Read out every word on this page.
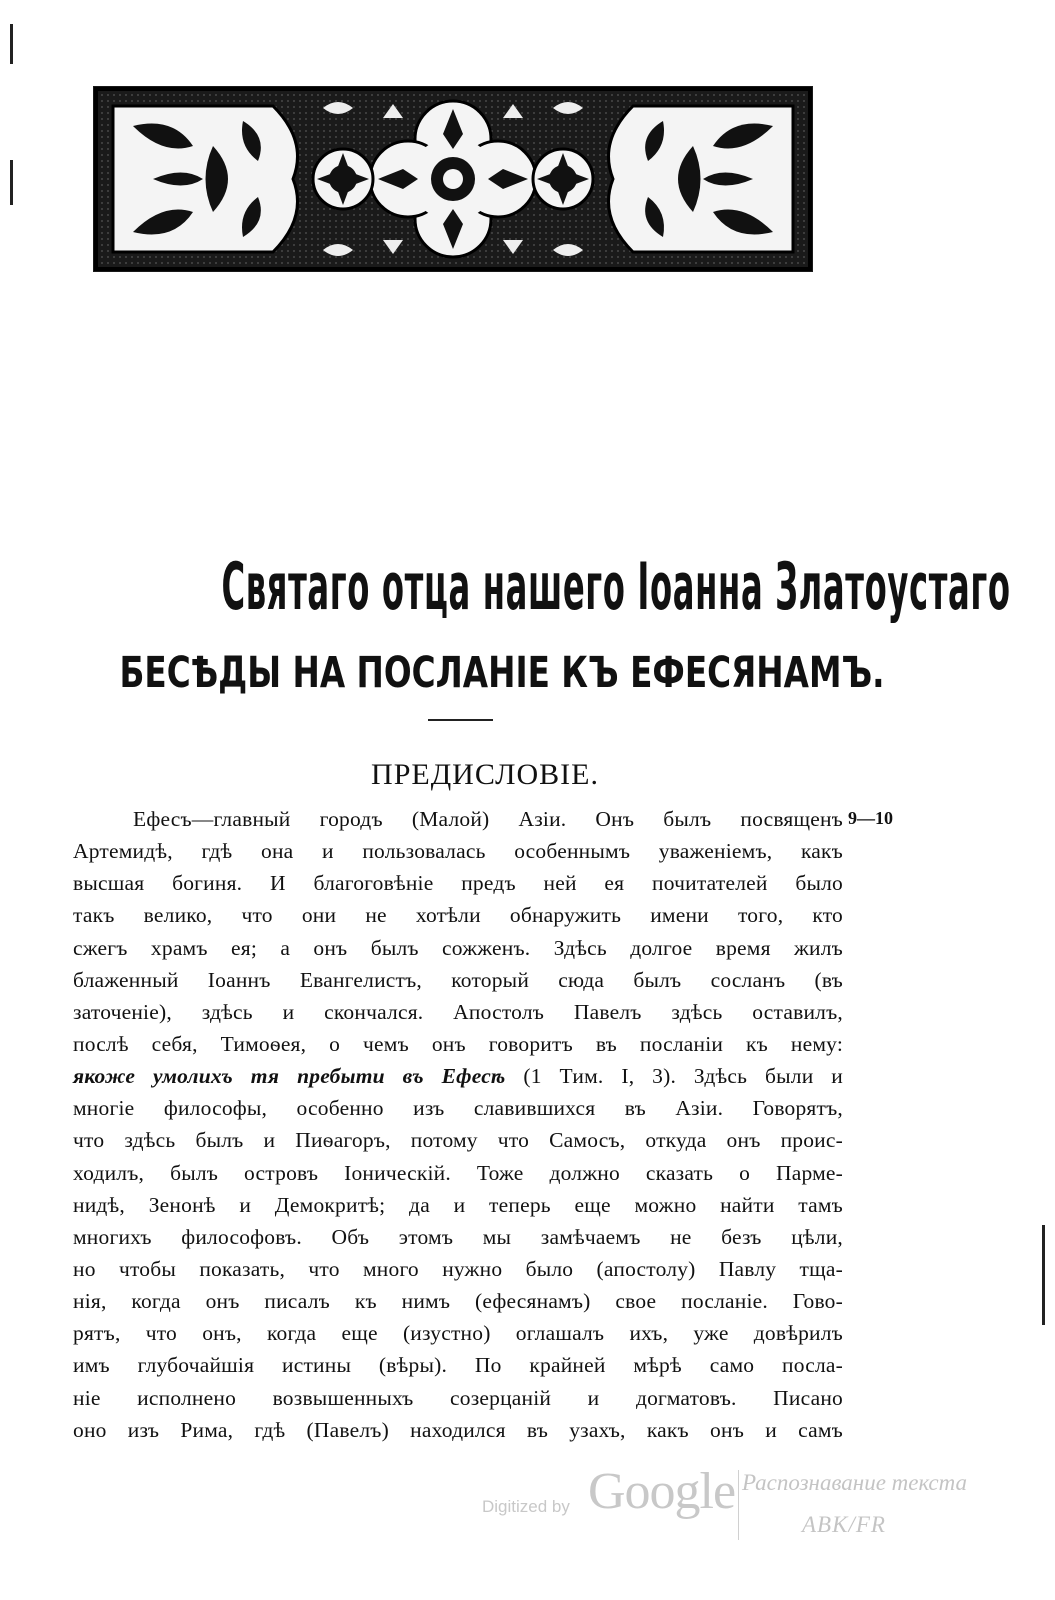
Святаго отца нашего Іоанна Златоустаго
БЕСѢДЫ НА ПОСЛАНІЕ КЪ ЕФЕСЯНАМЪ.
ПРЕДИСЛОВІЕ.
9—10
Ефесъ—главный городъ (Малой) Азіи. Онъ былъ посвященъ
Артемидѣ, гдѣ она и пользовалась особеннымъ уваженіемъ, какъ
высшая богиня. И благоговѣніе предъ ней ея почитателей было
такъ велико, что они не хотѣли обнаружить имени того, кто
сжегъ храмъ ея; а онъ былъ сожженъ. Здѣсь долгое время жилъ
блаженный Іоаннъ Евангелистъ, который сюда былъ сосланъ (въ
заточеніе), здѣсь и скончался. Апостолъ Павелъ здѣсь оставилъ,
послѣ себя, Тимоѳея, о чемъ онъ говоритъ въ посланіи къ нему:
якоже умолихъ тя пребыти въ Ефесѣ (1 Тим. I, 3). Здѣсь были и
многіе философы, особенно изъ славившихся въ Азіи. Говорятъ,
что здѣсь былъ и Пиѳагоръ, потому что Самосъ, откуда онъ проис-
ходилъ, былъ островъ Іоническій. Тоже должно сказать о Парме-
нидѣ, Зенонѣ и Демокритѣ; да и теперь еще можно найти тамъ
многихъ философовъ. Объ этомъ мы замѣчаемъ не безъ цѣли,
но чтобы показать, что много нужно было (апостолу) Павлу тща-
нія, когда онъ писалъ къ нимъ (ефесянамъ) свое посланіе. Гово-
рятъ, что онъ, когда еще (изустно) оглашалъ ихъ, уже довѣрилъ
имъ глубочайшія истины (вѣры). По крайней мѣрѣ само посла-
ніе исполнено возвышенныхъ созерцаній и догматовъ. Писано
оно изъ Рима, гдѣ (Павелъ) находился въ узахъ, какъ онъ и самъ
Digitized by Google Распознавание текста
ABK/FR
